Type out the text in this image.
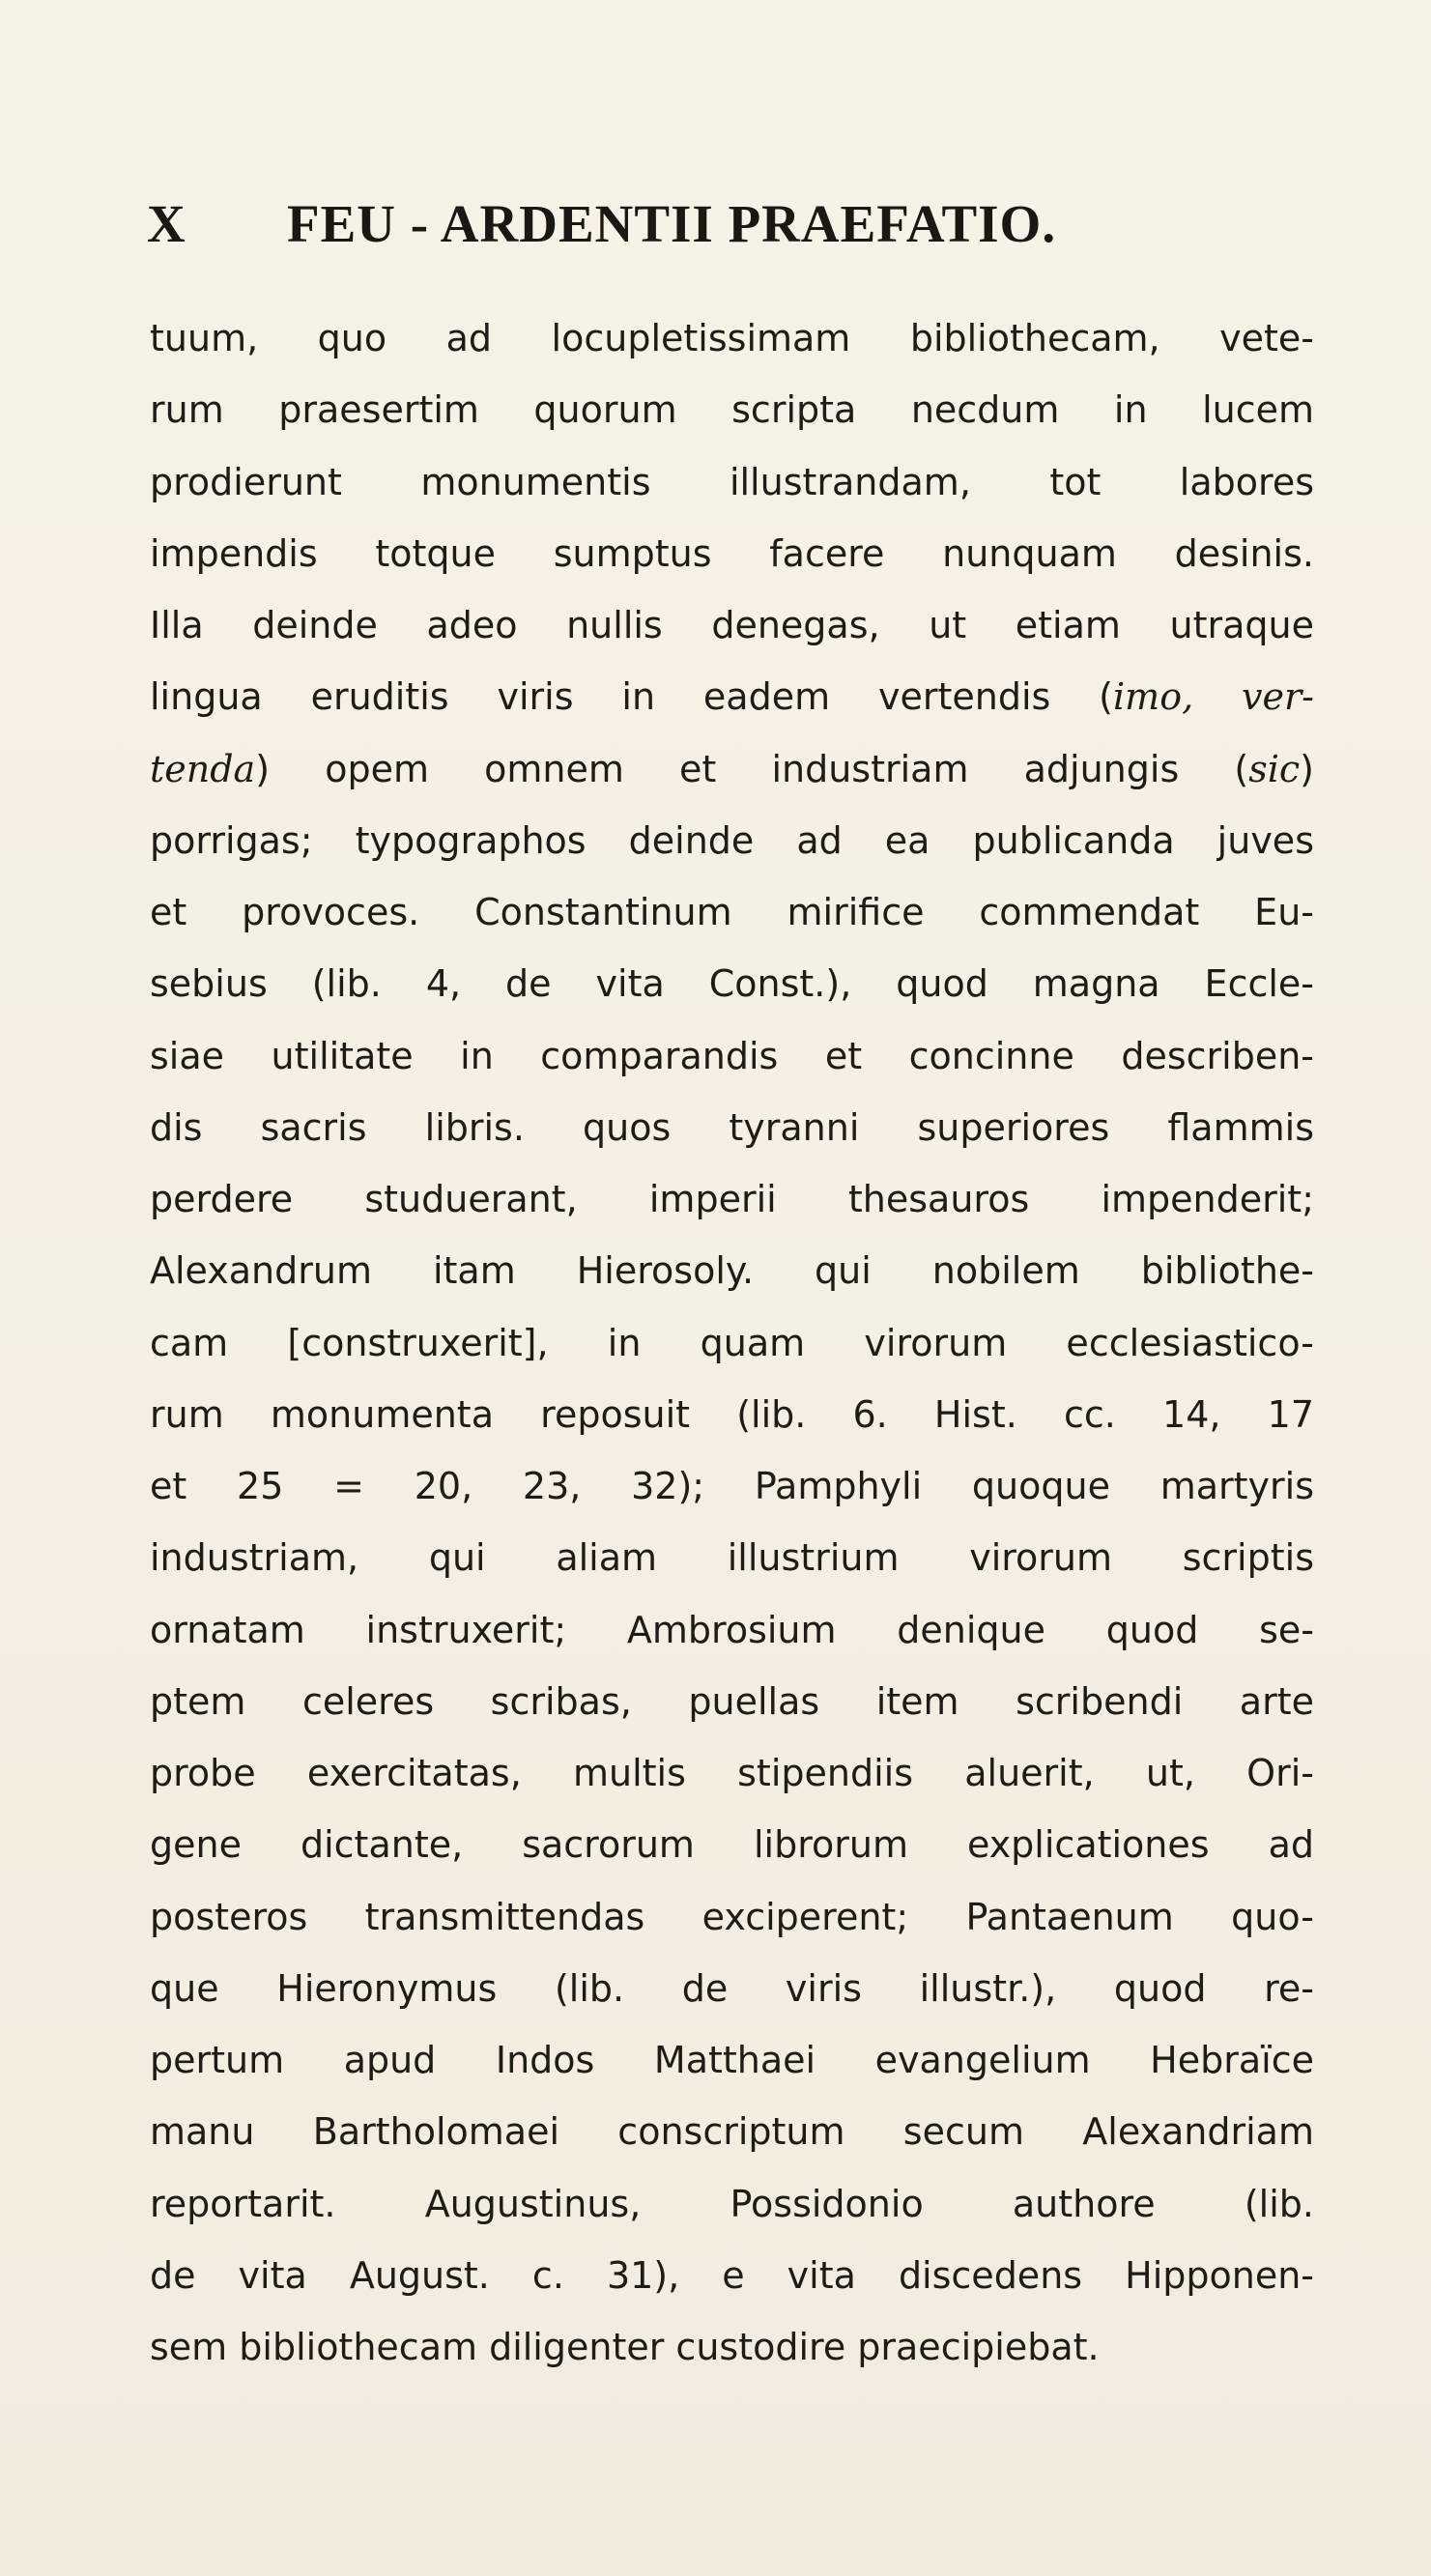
X	FEU - ARDENTII PRAEFATIO.
tuum, quo ad locupletissimam bibliothecam, vete-
rum praesertim quorum scripta necdum in lucem
prodierunt monumentis illustrandam, tot labores
impendis totque sumptus facere nunquam desinis.
Illa deinde adeo nullis denegas, ut etiam utraque
lingua eruditis viris in eadem vertendis (imo, ver-
tenda) opem omnem et industriam adjungis (sic)
porrigas; typographos deinde ad ea publicanda juves
et provoces. Constantinum mirifice commendat Eu-
sebius (lib. 4, de vita Const.), quod magna Eccle-
siae utilitate in comparandis et concinne describen-
dis sacris libris. quos tyranni superiores flammis
perdere studuerant, imperii thesauros impenderit;
Alexandrum itam Hierosoly. qui nobilem bibliothe-
cam [construxerit], in quam virorum ecclesiastico-
rum monumenta reposuit (lib. 6. Hist. cc. 14, 17
et 25 = 20, 23, 32); Pamphyli quoque martyris
industriam, qui aliam illustrium virorum scriptis
ornatam instruxerit; Ambrosium denique quod se-
ptem celeres scribas, puellas item scribendi arte
probe exercitatas, multis stipendiis aluerit, ut, Ori-
gene dictante, sacrorum librorum explicationes ad
posteros transmittendas exciperent; Pantaenum quo-
que Hieronymus (lib. de viris illustr.), quod re-
pertum apud Indos Matthaei evangelium Hebraïce
manu Bartholomaei conscriptum secum Alexandriam
reportarit. Augustinus, Possidonio authore (lib.
de vita August. c. 31), e vita discedens Hipponen-
sem bibliothecam diligenter custodire praecipiebat.
